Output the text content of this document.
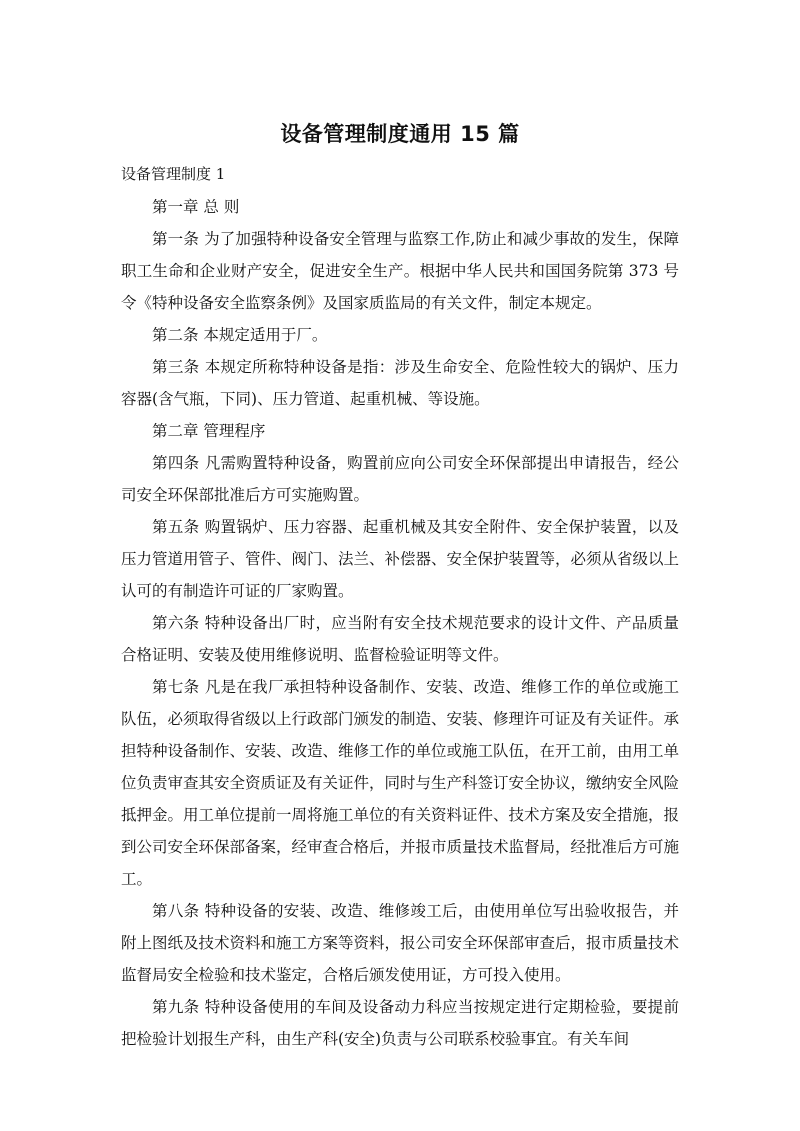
设备管理制度通用 15 篇
设备管理制度 1

第一章 总 则

第一条 为了加强特种设备安全管理与监察工作,防止和减少事故的发生，保障职工生命和企业财产安全，促进安全生产。根据中华人民共和国国务院第 373 号令《特种设备安全监察条例》及国家质监局的有关文件，制定本规定。

第二条 本规定适用于厂。

第三条 本规定所称特种设备是指：涉及生命安全、危险性较大的锅炉、压力容器(含气瓶，下同)、压力管道、起重机械、等设施。

第二章 管理程序

第四条 凡需购置特种设备，购置前应向公司安全环保部提出申请报告，经公司安全环保部批准后方可实施购置。

第五条 购置锅炉、压力容器、起重机械及其安全附件、安全保护装置，以及压力管道用管子、管件、阀门、法兰、补偿器、安全保护装置等，必须从省级以上认可的有制造许可证的厂家购置。

第六条 特种设备出厂时，应当附有安全技术规范要求的设计文件、产品质量合格证明、安装及使用维修说明、监督检验证明等文件。

第七条 凡是在我厂承担特种设备制作、安装、改造、维修工作的单位或施工队伍，必须取得省级以上行政部门颁发的制造、安装、修理许可证及有关证件。承担特种设备制作、安装、改造、维修工作的单位或施工队伍，在开工前，由用工单位负责审查其安全资质证及有关证件，同时与生产科签订安全协议，缴纳安全风险抵押金。用工单位提前一周将施工单位的有关资料证件、技术方案及安全措施，报到公司安全环保部备案，经审查合格后，并报市质量技术监督局，经批准后方可施工。

第八条 特种设备的安装、改造、维修竣工后，由使用单位写出验收报告，并附上图纸及技术资料和施工方案等资料，报公司安全环保部审查后，报市质量技术监督局安全检验和技术鉴定，合格后颁发使用证，方可投入使用。

第九条 特种设备使用的车间及设备动力科应当按规定进行定期检验，要提前把检验计划报生产科，由生产科(安全)负责与公司联系校验事宜。有关车间
